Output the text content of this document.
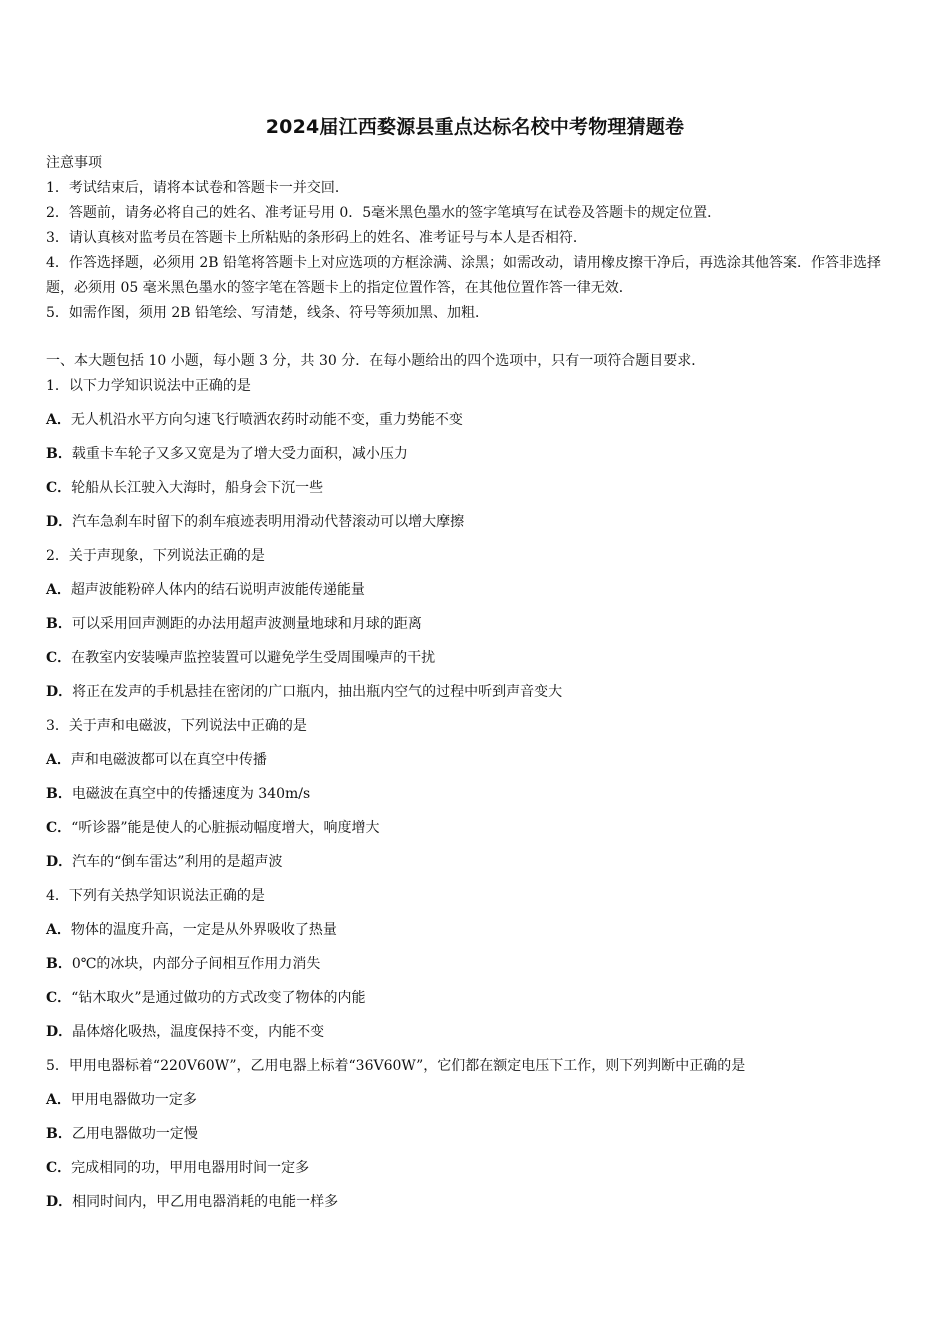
2024届江西婺源县重点达标名校中考物理猜题卷
注意事项
1．考试结束后，请将本试卷和答题卡一并交回．
2．答题前，请务必将自己的姓名、准考证号用 0．5毫米黑色墨水的签字笔填写在试卷及答题卡的规定位置．
3．请认真核对监考员在答题卡上所粘贴的条形码上的姓名、准考证号与本人是否相符．
4．作答选择题，必须用 2B 铅笔将答题卡上对应选项的方框涂满、涂黑；如需改动，请用橡皮擦干净后，再选涂其他答案．作答非选择题，必须用 05 毫米黑色墨水的签字笔在答题卡上的指定位置作答，在其他位置作答一律无效．
5．如需作图，须用 2B 铅笔绘、写清楚，线条、符号等须加黑、加粗．
一、本大题包括 10 小题，每小题 3 分，共 30 分．在每小题给出的四个选项中，只有一项符合题目要求．
1．以下力学知识说法中正确的是
A．无人机沿水平方向匀速飞行喷洒农药时动能不变，重力势能不变
B．载重卡车轮子又多又宽是为了增大受力面积，减小压力
C．轮船从长江驶入大海时，船身会下沉一些
D．汽车急刹车时留下的刹车痕迹表明用滑动代替滚动可以增大摩擦
2．关于声现象，下列说法正确的是
A．超声波能粉碎人体内的结石说明声波能传递能量
B．可以采用回声测距的办法用超声波测量地球和月球的距离
C．在教室内安装噪声监控装置可以避免学生受周围噪声的干扰
D．将正在发声的手机悬挂在密闭的广口瓶内，抽出瓶内空气的过程中听到声音变大
3．关于声和电磁波，下列说法中正确的是
A．声和电磁波都可以在真空中传播
B．电磁波在真空中的传播速度为 340m/s
C．“听诊器”能是使人的心脏振动幅度增大，响度增大
D．汽车的“倒车雷达”利用的是超声波
4．下列有关热学知识说法正确的是
A．物体的温度升高，一定是从外界吸收了热量
B．0℃的冰块，内部分子间相互作用力消失
C．“钻木取火”是通过做功的方式改变了物体的内能
D．晶体熔化吸热，温度保持不变，内能不变
5．甲用电器标着“220V60W”，乙用电器上标着“36V60W”，它们都在额定电压下工作，则下列判断中正确的是
A．甲用电器做功一定多
B．乙用电器做功一定慢
C．完成相同的功，甲用电器用时间一定多
D．相同时间内，甲乙用电器消耗的电能一样多
